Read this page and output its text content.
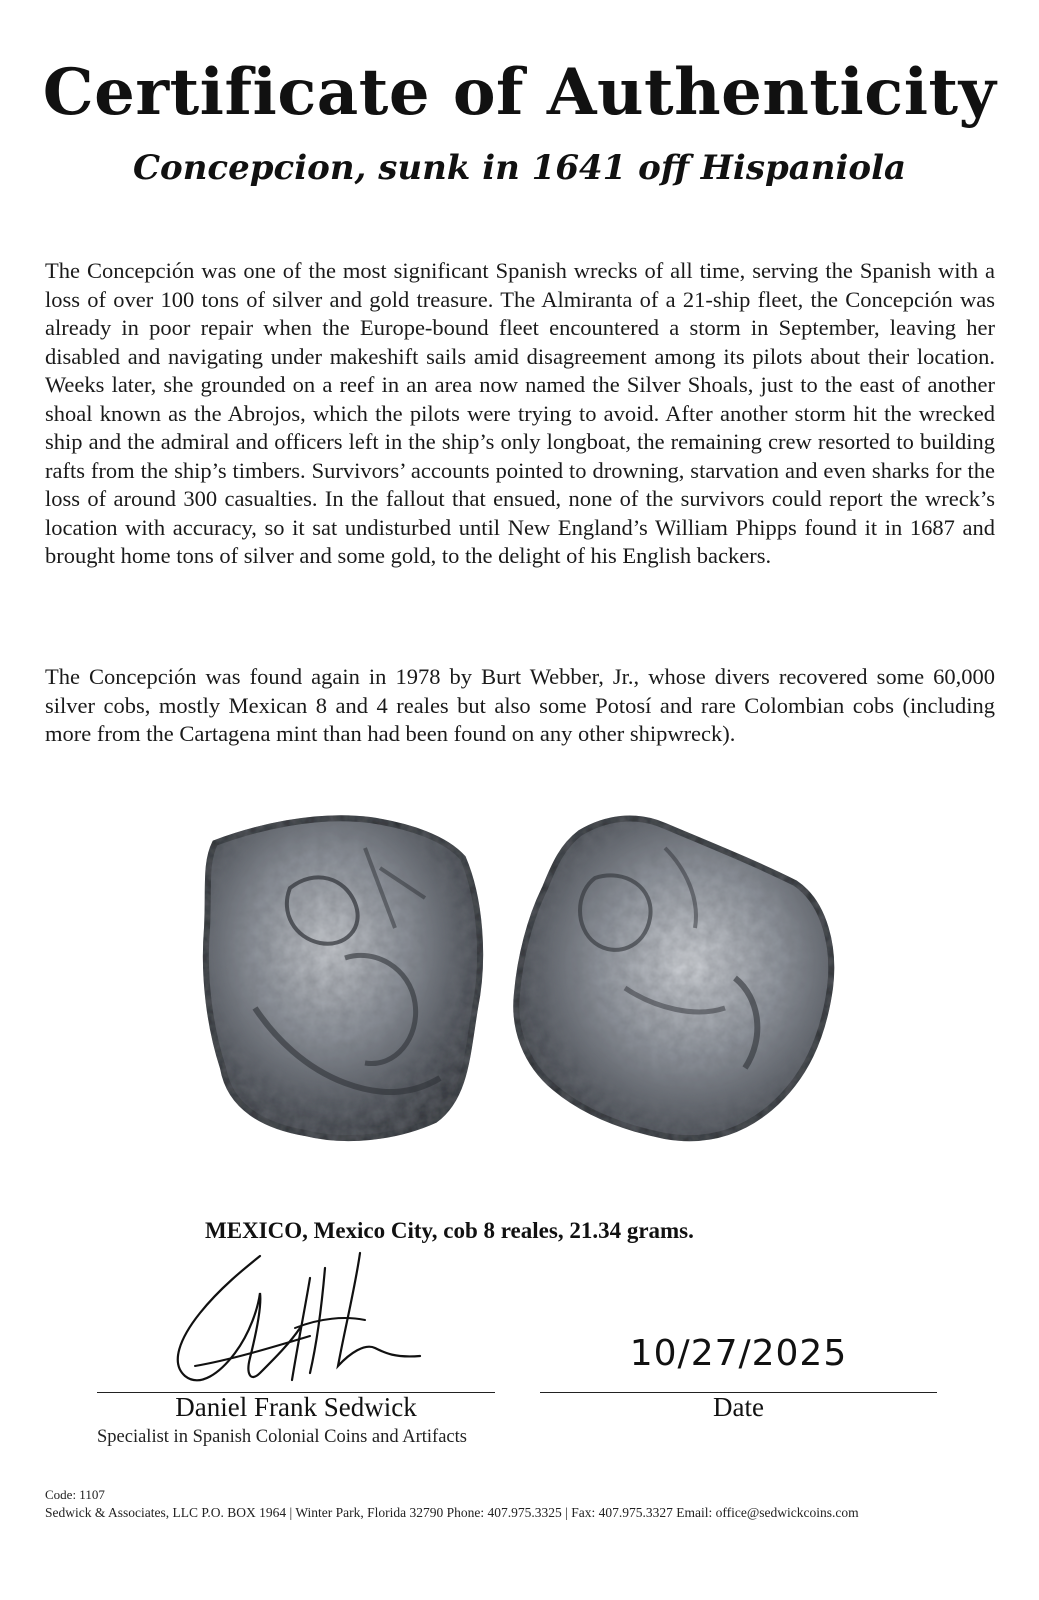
Certificate of Authenticity
Concepcion, sunk in 1641 off Hispaniola

The Concepción was one of the most significant Spanish wrecks of all time, serving the Spanish with a loss of over 100 tons of silver and gold treasure. The Almiranta of a 21-ship fleet, the Concepción was already in poor repair when the Europe-bound fleet encountered a storm in September, leaving her disabled and navigating under makeshift sails amid disagreement among its pilots about their location. Weeks later, she grounded on a reef in an area now named the Silver Shoals, just to the east of another shoal known as the Abrojos, which the pilots were trying to avoid. After another storm hit the wrecked ship and the admiral and officers left in the ship’s only longboat, the remaining crew resorted to building rafts from the ship’s timbers. Survivors’ accounts pointed to drowning, starvation and even sharks for the loss of around 300 casualties. In the fallout that ensued, none of the survivors could report the wreck’s location with accuracy, so it sat undisturbed until New England’s William Phipps found it in 1687 and brought home tons of silver and some gold, to the delight of his English backers.

The Concepción was found again in 1978 by Burt Webber, Jr., whose divers recovered some 60,000 silver cobs, mostly Mexican 8 and 4 reales but also some Potosí and rare Colombian cobs (including more from the Cartagena mint than had been found on any other shipwreck).

MEXICO, Mexico City, cob 8 reales, 21.34 grams.
10/27/2025
Daniel Frank Sedwick	Date
Specialist in Spanish Colonial Coins and Artifacts
Code: 1107
Sedwick & Associates, LLC P.O. BOX 1964 | Winter Park, Florida 32790 Phone: 407.975.3325 | Fax: 407.975.3327 Email: office@sedwickcoins.com
